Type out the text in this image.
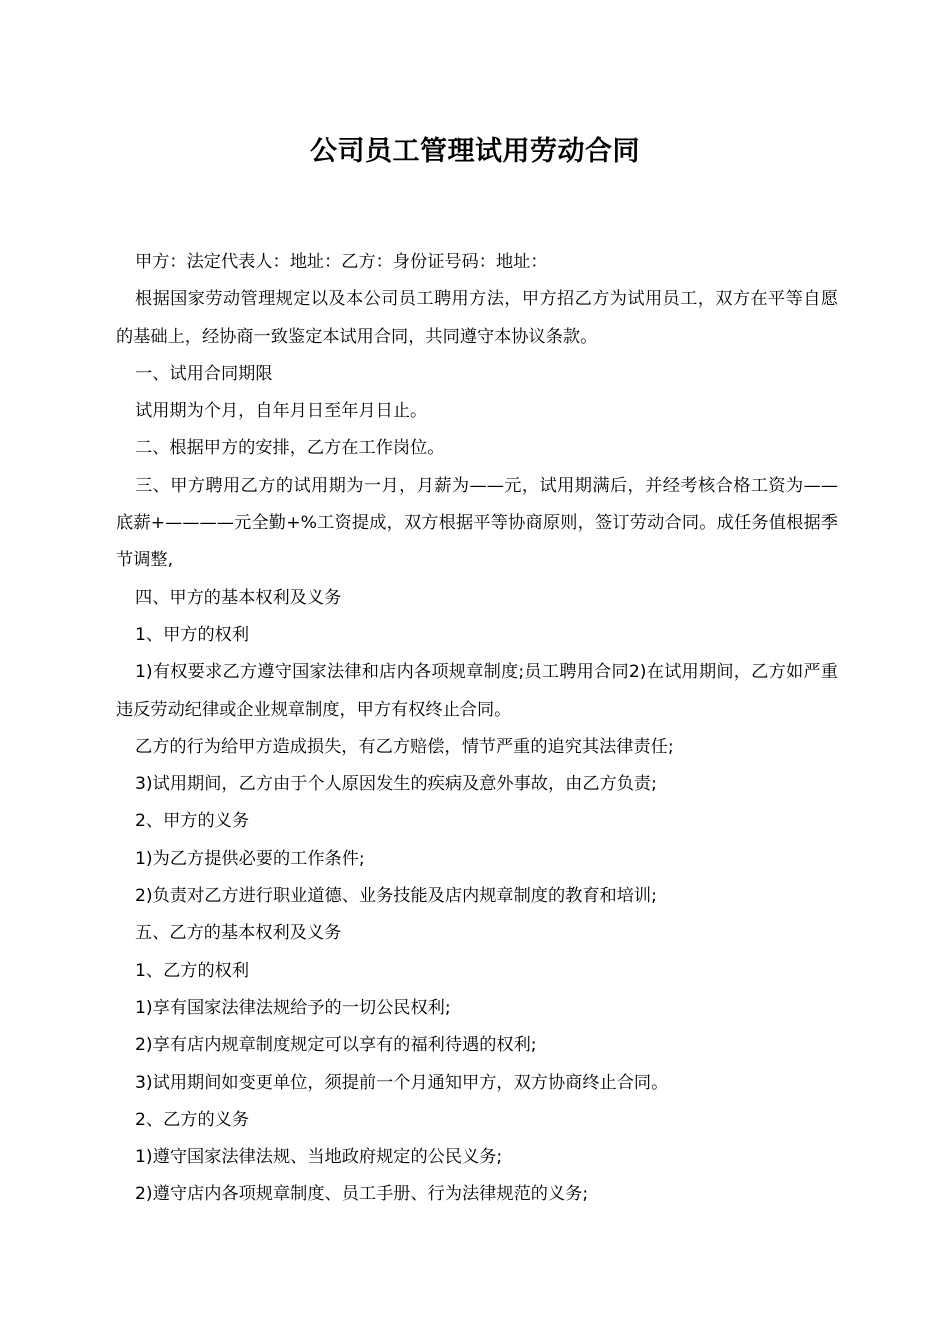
公司员工管理试用劳动合同

甲方：法定代表人：地址：乙方：身份证号码：地址：

根据国家劳动管理规定以及本公司员工聘用方法，甲方招乙方为试用员工，双方在平等自愿的基础上，经协商一致鉴定本试用合同，共同遵守本协议条款。

一、试用合同期限

试用期为个月，自年月日至年月日止。

二、根据甲方的安排，乙方在工作岗位。

三、甲方聘用乙方的试用期为一月，月薪为——元，试用期满后，并经考核合格工资为——底薪+————元全勤+%工资提成，双方根据平等协商原则，签订劳动合同。成任务值根据季节调整,

四、甲方的基本权利及义务

1、甲方的权利

1)有权要求乙方遵守国家法律和店内各项规章制度;员工聘用合同2)在试用期间，乙方如严重违反劳动纪律或企业规章制度，甲方有权终止合同。

乙方的行为给甲方造成损失，有乙方赔偿，情节严重的追究其法律责任;

3)试用期间，乙方由于个人原因发生的疾病及意外事故，由乙方负责;

2、甲方的义务

1)为乙方提供必要的工作条件;

2)负责对乙方进行职业道德、业务技能及店内规章制度的教育和培训;

五、乙方的基本权利及义务

1、乙方的权利

1)享有国家法律法规给予的一切公民权利;

2)享有店内规章制度规定可以享有的福利待遇的权利;

3)试用期间如变更单位，须提前一个月通知甲方，双方协商终止合同。

2、乙方的义务

1)遵守国家法律法规、当地政府规定的公民义务;

2)遵守店内各项规章制度、员工手册、行为法律规范的义务;
